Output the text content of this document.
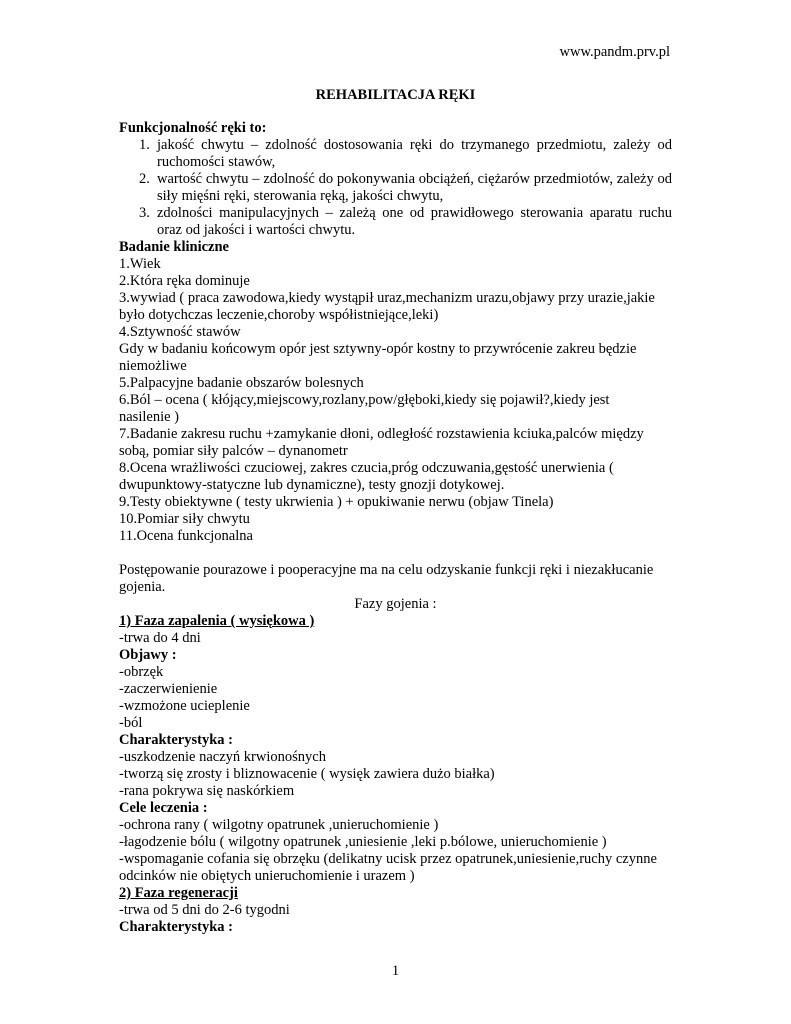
www.pandm.prv.pl
REHABILITACJA RĘKI
Funkcjonalność ręki to:
1. jakość chwytu – zdolność dostosowania ręki do trzymanego przedmiotu, zależy od ruchomości stawów,
2. wartość chwytu – zdolność do pokonywania obciążeń, ciężarów przedmiotów, zależy od siły mięśni ręki, sterowania ręką, jakości chwytu,
3. zdolności manipulacyjnych – zależą one od prawidłowego sterowania aparatu ruchu oraz od jakości i wartości chwytu.
Badanie kliniczne
1.Wiek
2.Która ręka dominuje
3.wywiad ( praca zawodowa,kiedy wystąpił uraz,mechanizm urazu,objawy przy urazie,jakie
było dotychczas leczenie,choroby współistniejące,leki)
4.Sztywność stawów
Gdy w badaniu końcowym opór jest sztywny-opór kostny to przywrócenie zakreu będzie
niemożliwe
5.Palpacyjne badanie obszarów bolesnych
6.Ból – ocena ( kłójący,miejscowy,rozlany,pow/głęboki,kiedy się pojawił?,kiedy jest
nasilenie )
7.Badanie zakresu ruchu +zamykanie dłoni, odległość rozstawienia kciuka,palców między
sobą, pomiar siły palców – dynanometr
8.Ocena wrażliwości czuciowej, zakres czucia,próg odczuwania,gęstość unerwienia (
dwupunktowy-statyczne lub dynamiczne), testy gnozji dotykowej.
9.Testy obiektywne ( testy ukrwienia ) + opukiwanie nerwu (objaw Tinela)
10.Pomiar siły chwytu
11.Ocena funkcjonalna
Postępowanie pourazowe i pooperacyjne ma na celu odzyskanie funkcji ręki i niezakłucanie
gojenia.
Fazy gojenia :
1) Faza zapalenia ( wysiękowa )
-trwa do 4 dni
Objawy :
-obrzęk
-zaczerwienienie
-wzmożone ucieplenie
-ból
Charakterystyka :
-uszkodzenie naczyń krwionośnych
-tworzą się zrosty i bliznowacenie ( wysięk zawiera dużo białka)
-rana pokrywa się naskórkiem
Cele leczenia :
-ochrona rany ( wilgotny opatrunek ,unieruchomienie )
-łagodzenie bólu ( wilgotny opatrunek ,uniesienie ,leki p.bólowe, unieruchomienie )
-wspomaganie cofania się obrzęku (delikatny ucisk przez opatrunek,uniesienie,ruchy czynne
odcinków nie obiętych unieruchomienie i urazem )
2) Faza regeneracji
-trwa od 5 dni do 2-6 tygodni
Charakterystyka :
1
